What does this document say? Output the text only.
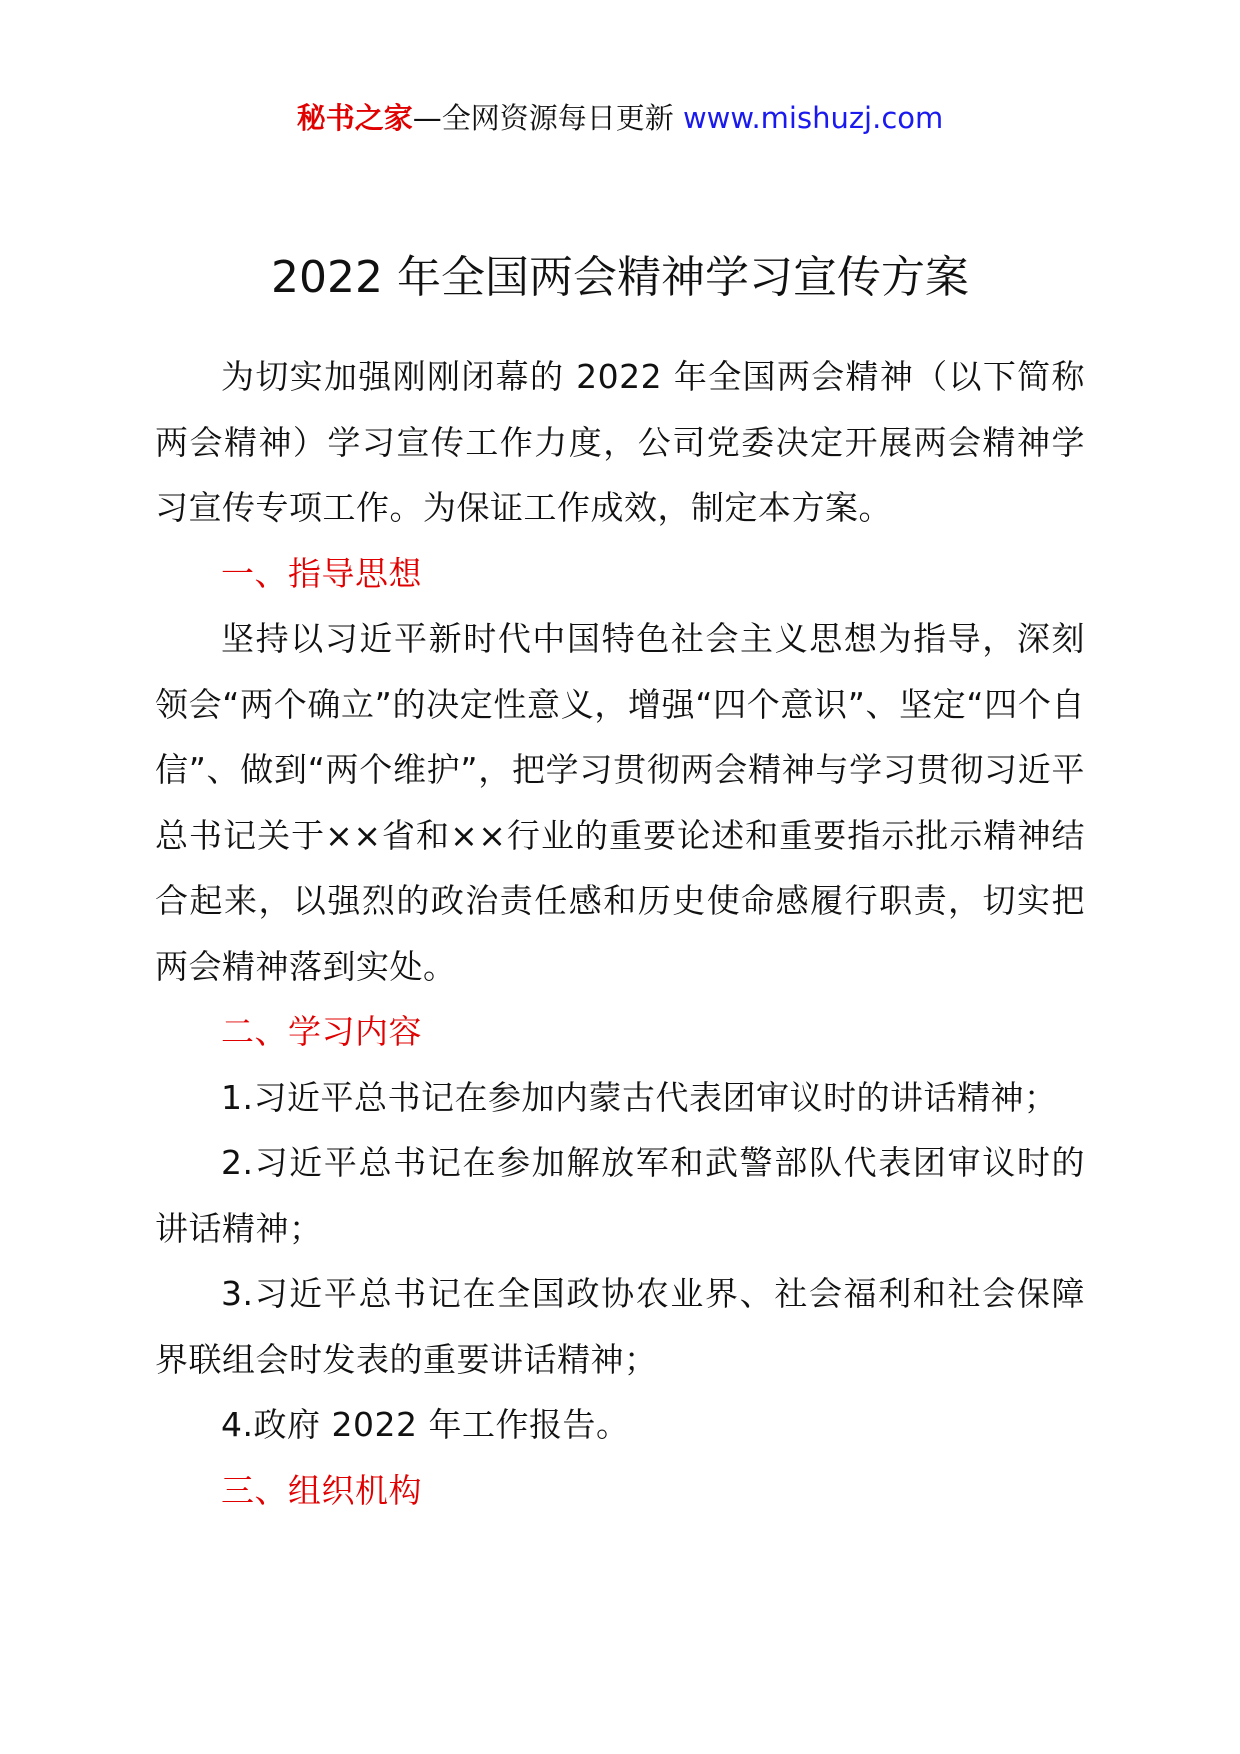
秘书之家—全网资源每日更新 www.mishuzj.com
2022 年全国两会精神学习宣传方案

为切实加强刚刚闭幕的 2022 年全国两会精神（以下简称两会精神）学习宣传工作力度，公司党委决定开展两会精神学习宣传专项工作。为保证工作成效，制定本方案。

一、指导思想

坚持以习近平新时代中国特色社会主义思想为指导，深刻领会“两个确立”的决定性意义，增强“四个意识”、坚定“四个自信”、做到“两个维护”，把学习贯彻两会精神与学习贯彻习近平总书记关于××省和××行业的重要论述和重要指示批示精神结合起来，以强烈的政治责任感和历史使命感履行职责，切实把两会精神落到实处。

二、学习内容

1.习近平总书记在参加内蒙古代表团审议时的讲话精神；

2.习近平总书记在参加解放军和武警部队代表团审议时的讲话精神；

3.习近平总书记在全国政协农业界、社会福利和社会保障界联组会时发表的重要讲话精神；

4.政府 2022 年工作报告。

三、组织机构
